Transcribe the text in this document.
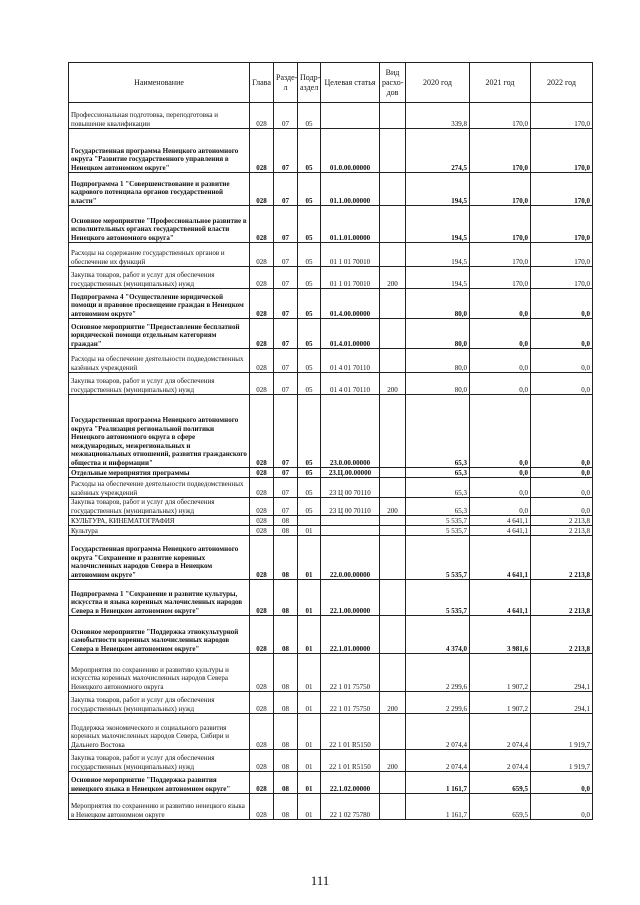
Наименование	Глава	Раздел	Подраздел	Целевая статья	Вид расходов	2020 год	2021 год	2022 год
Профессиональная подготовка, переподготовка и повышение квалификации	028	07	05			339,8	170,0	170,0
Государственная программа Ненецкого автономного округа "Развитие государственного управления в Ненецком автономном округе"	028	07	05	01.0.00.00000		274,5	170,0	170,0
Подпрограмма 1 "Совершенствование и развитие кадрового потенциала органов государственной власти"	028	07	05	01.1.00.00000		194,5	170,0	170,0
Основное мероприятие "Профессиональное развитие в исполнительных органах государственной власти Ненецкого автономного округа"	028	07	05	01.1.01.00000		194,5	170,0	170,0
Расходы на содержание государственных органов и обеспечение их функций	028	07	05	01 1 01 70010		194,5	170,0	170,0
Закупка товаров, работ и услуг для обеспечения государственных (муниципальных) нужд	028	07	05	01 1 01 70010	200	194,5	170,0	170,0
Подпрограмма 4 "Осуществление юридической помощи и правовое просвещение граждан в Ненецком автономном округе"	028	07	05	01.4.00.00000		80,0	0,0	0,0
Основное мероприятие "Предоставление бесплатной юридической помощи отдельным категориям граждан"	028	07	05	01.4.01.00000		80,0	0,0	0,0
Расходы на обеспечение деятельности подведомственных казённых учреждений	028	07	05	01 4 01 70110		80,0	0,0	0,0
Закупка товаров, работ и услуг для обеспечения государственных (муниципальных) нужд	028	07	05	01 4 01 70110	200	80,0	0,0	0,0
Государственная программа Ненецкого автономного округа "Реализация региональной политики Ненецкого автономного округа в сфере международных, межрегиональных и межнациональных отношений, развития гражданского общества и информации"	028	07	05	23.0.00.00000		65,3	0,0	0,0
Отдельные мероприятия программы	028	07	05	23.Ц.00.00000		65,3	0,0	0,0
Расходы на обеспечение деятельности подведомственных казённых учреждений	028	07	05	23 Ц 00 70110		65,3	0,0	0,0
Закупка товаров, работ и услуг для обеспечения государственных (муниципальных) нужд	028	07	05	23 Ц 00 70110	200	65,3	0,0	0,0
КУЛЬТУРА, КИНЕМАТОГРАФИЯ	028	08				5 535,7	4 641,1	2 213,8
Культура	028	08	01			5 535,7	4 641,1	2 213,8
Государственная программа Ненецкого автономного округа "Сохранение и развитие коренных малочисленных народов Севера в Ненецком автономном округе"	028	08	01	22.0.00.00000		5 535,7	4 641,1	2 213,8
Подпрограмма 1 "Сохранение и развитие культуры, искусства и языка коренных малочисленных народов Севера в Ненецком автономном округе"	028	08	01	22.1.00.00000		5 535,7	4 641,1	2 213,8
Основное мероприятие "Поддержка этнокультурной самобытности коренных малочисленных народов Севера в Ненецком автономном округе"	028	08	01	22.1.01.00000		4 374,0	3 981,6	2 213,8
Мероприятия по сохранению и развитию культуры и искусства коренных малочисленных народов Севера Ненецкого автономного округа	028	08	01	22 1 01 75750		2 299,6	1 907,2	294,1
Закупка товаров, работ и услуг для обеспечения государственных (муниципальных) нужд	028	08	01	22 1 01 75750	200	2 299,6	1 907,2	294,1
Поддержка экономического и социального развития коренных малочисленных народов Севера, Сибири и Дальнего Востока	028	08	01	22 1 01 R5150		2 074,4	2 074,4	1 919,7
Закупка товаров, работ и услуг для обеспечения государственных (муниципальных) нужд	028	08	01	22 1 01 R5150	200	2 074,4	2 074,4	1 919,7
Основное мероприятие "Поддержка развития ненецкого языка в Ненецком автономном округе"	028	08	01	22.1.02.00000		1 161,7	659,5	0,0
Мероприятия по сохранению и развитию ненецкого языка в Ненецком автономном округе	028	08	01	22 1 02 75780		1 161,7	659,5	0,0
111
